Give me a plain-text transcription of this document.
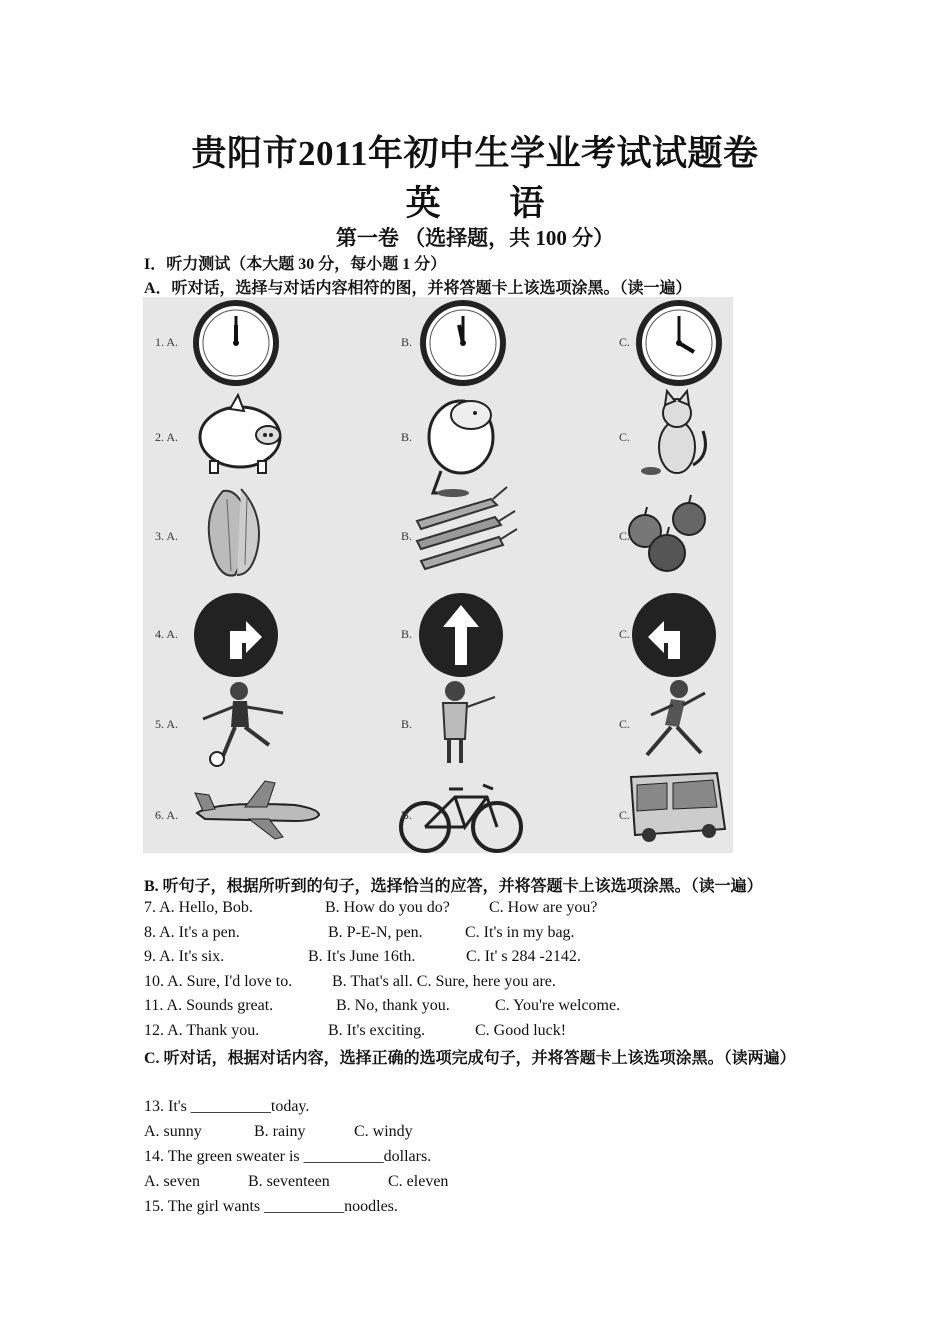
贵阳市2011年初中生学业考试试题卷
英 语
第一卷 （选择题，共 100 分）
I．听力测试（本大题 30 分，每小题 1 分）
A．听对话，选择与对话内容相符的图，并将答题卡上该选项涂黑。（读一遍）
1. A.	B.	C.
2. A.	B.	C.
3. A.	B.	C.
4. A.	B.	C.
5. A.	B.	C.
6. A.	B.	C.
B. 听句子，根据所听到的句子，选择恰当的应答，并将答题卡上该选项涂黑。（读一遍）
7. A. Hello, Bob.	B. How do you do? C. How are you?
8. A. It's a pen.	B. P-E-N, pen.	C. It's in my bag.
9. A. It's six.	B. It's June 16th.	C. It' s 284 -2142.
10. A. Sure, I'd love to. B. That's all. C. Sure, here you are.
11. A. Sounds great.	B. No, thank you.	C. You're welcome.
12. A. Thank you.	B. It's exciting.	C. Good luck!
C. 听对话，根据对话内容，选择正确的选项完成句子，并将答题卡上该选项涂黑。（读两遍）
13. It's __________today.
A. sunny	B. rainy	C. windy
14. The green sweater is __________dollars.
A. seven	B. seventeen	C. eleven
15. The girl wants __________noodles.
